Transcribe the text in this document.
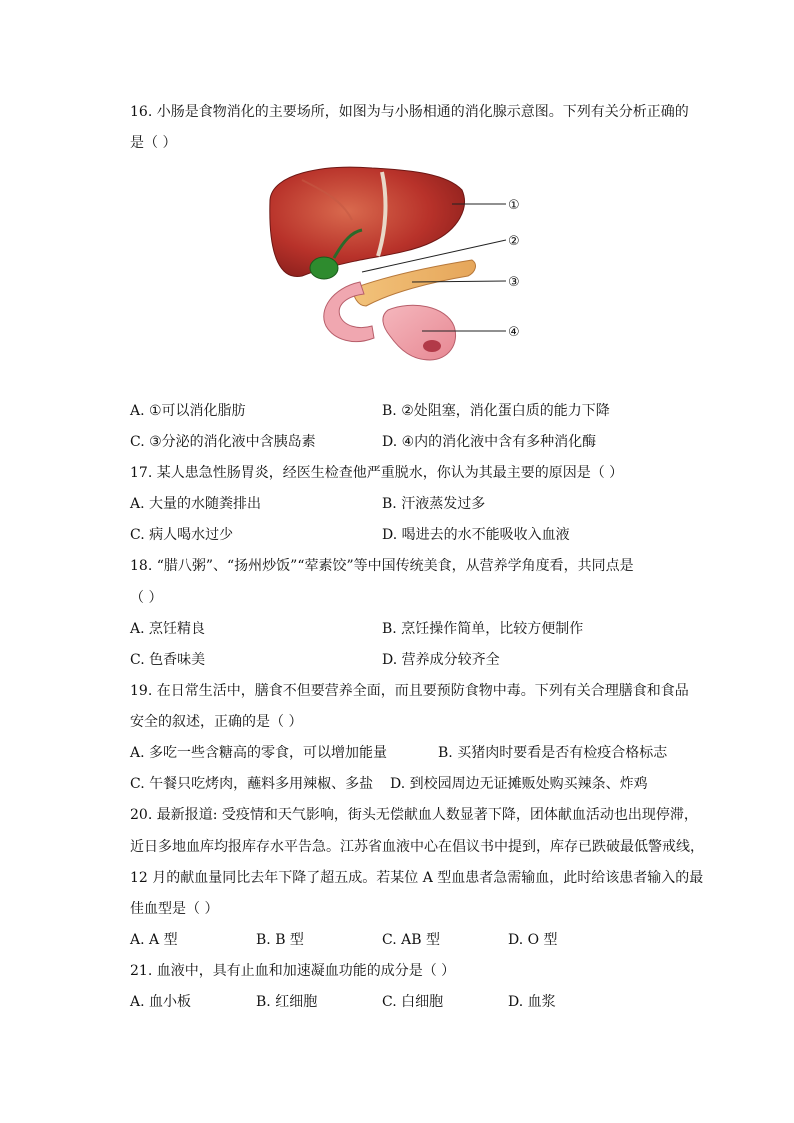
16. 小肠是食物消化的主要场所，如图为与小肠相通的消化腺示意图。下列有关分析正确的
是（ ）
①
②
③
④
A. ①可以消化脂肪	B. ②处阻塞，消化蛋白质的能力下降
C. ③分泌的消化液中含胰岛素	D. ④内的消化液中含有多种消化酶
17. 某人患急性肠胃炎，经医生检查他严重脱水，你认为其最主要的原因是（ ）
A. 大量的水随粪排出	B. 汗液蒸发过多
C. 病人喝水过少	D. 喝进去的水不能吸收入血液
18. “腊八粥”、“扬州炒饭”“荤素饺”等中国传统美食，从营养学角度看，共同点是
（ ）
A. 烹饪精良	B. 烹饪操作简单，比较方便制作
C. 色香味美	D. 营养成分较齐全
19. 在日常生活中，膳食不但要营养全面，而且要预防食物中毒。下列有关合理膳食和食品
安全的叙述，正确的是（ ）
A. 多吃一些含糖高的零食，可以增加能量	B. 买猪肉时要看是否有检疫合格标志
C. 午餐只吃烤肉，蘸料多用辣椒、多盐 D. 到校园周边无证摊贩处购买辣条、炸鸡
20. 最新报道: 受疫情和天气影响，街头无偿献血人数显著下降，团体献血活动也出现停滞，
近日多地血库均报库存水平告急。江苏省血液中心在倡议书中提到，库存已跌破最低警戒线，
12 月的献血量同比去年下降了超五成。若某位 A 型血患者急需输血，此时给该患者输入的最
佳血型是（ ）
A. A 型	B. B 型	C. AB 型	D. O 型
21. 血液中，具有止血和加速凝血功能的成分是（ ）
A. 血小板	B. 红细胞	C. 白细胞	D. 血浆
